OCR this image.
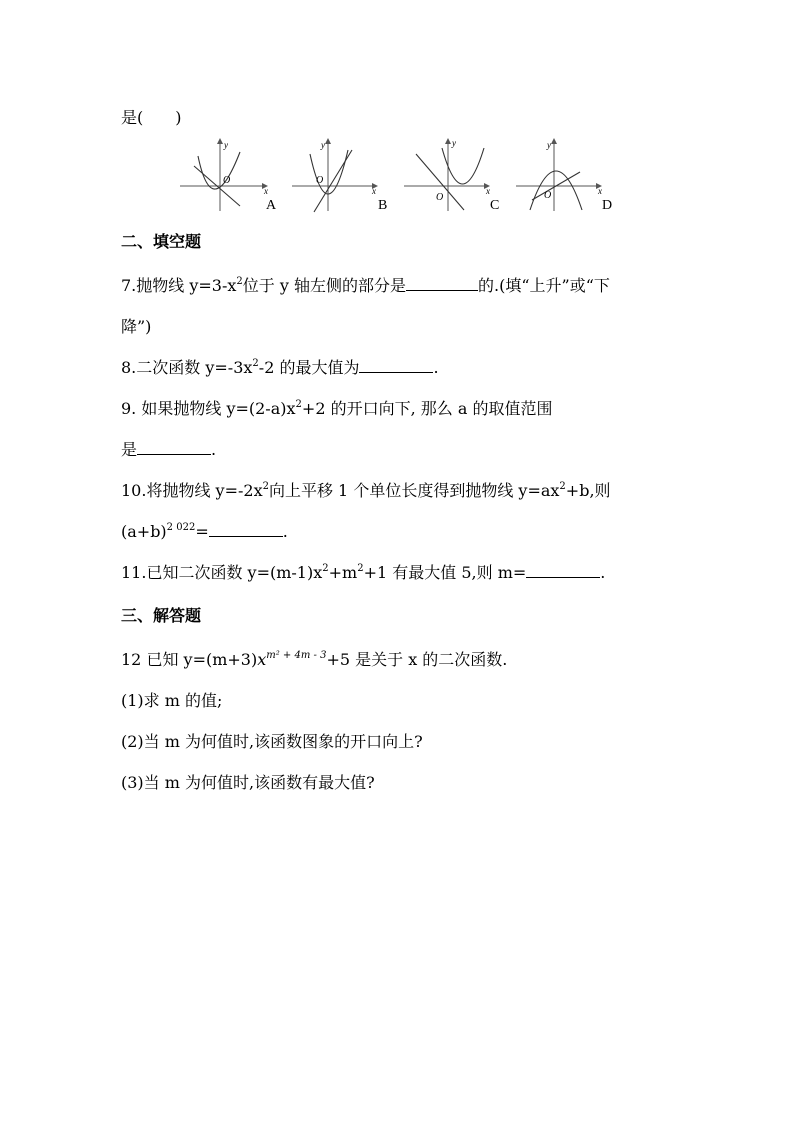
是(　　)
y
x
O
A
y
x
O
B
y
x
O
C
y
x
O
D
二、填空题
7.抛物线 $y=3-x^2$位于 y 轴左侧的部分是	的.(填“上升”或“下
降”)
8.二次函数 $y=-3x^2-2$ 的最大值为	.
9. 如果抛物线 $y=(2-a)x^2+2$ 的开口向下, 那么 a 的取值范围
是	.
10.将抛物线 $y=-2x^2$向上平移 1 个单位长度得到抛物线 $y=ax^2+b$,则
$(a+b)^{2 022}=$	.
11.已知二次函数 $y=(m-1)x^2+m^2+1$ 有最大值 5,则 m=	.
三、解答题
12 已知 $y=(m+3)x^{m^2 + 4m - 3}+5$ 是关于 x 的二次函数.
(1)求 m 的值;
(2)当 m 为何值时,该函数图象的开口向上?
(3)当 m 为何值时,该函数有最大值?
